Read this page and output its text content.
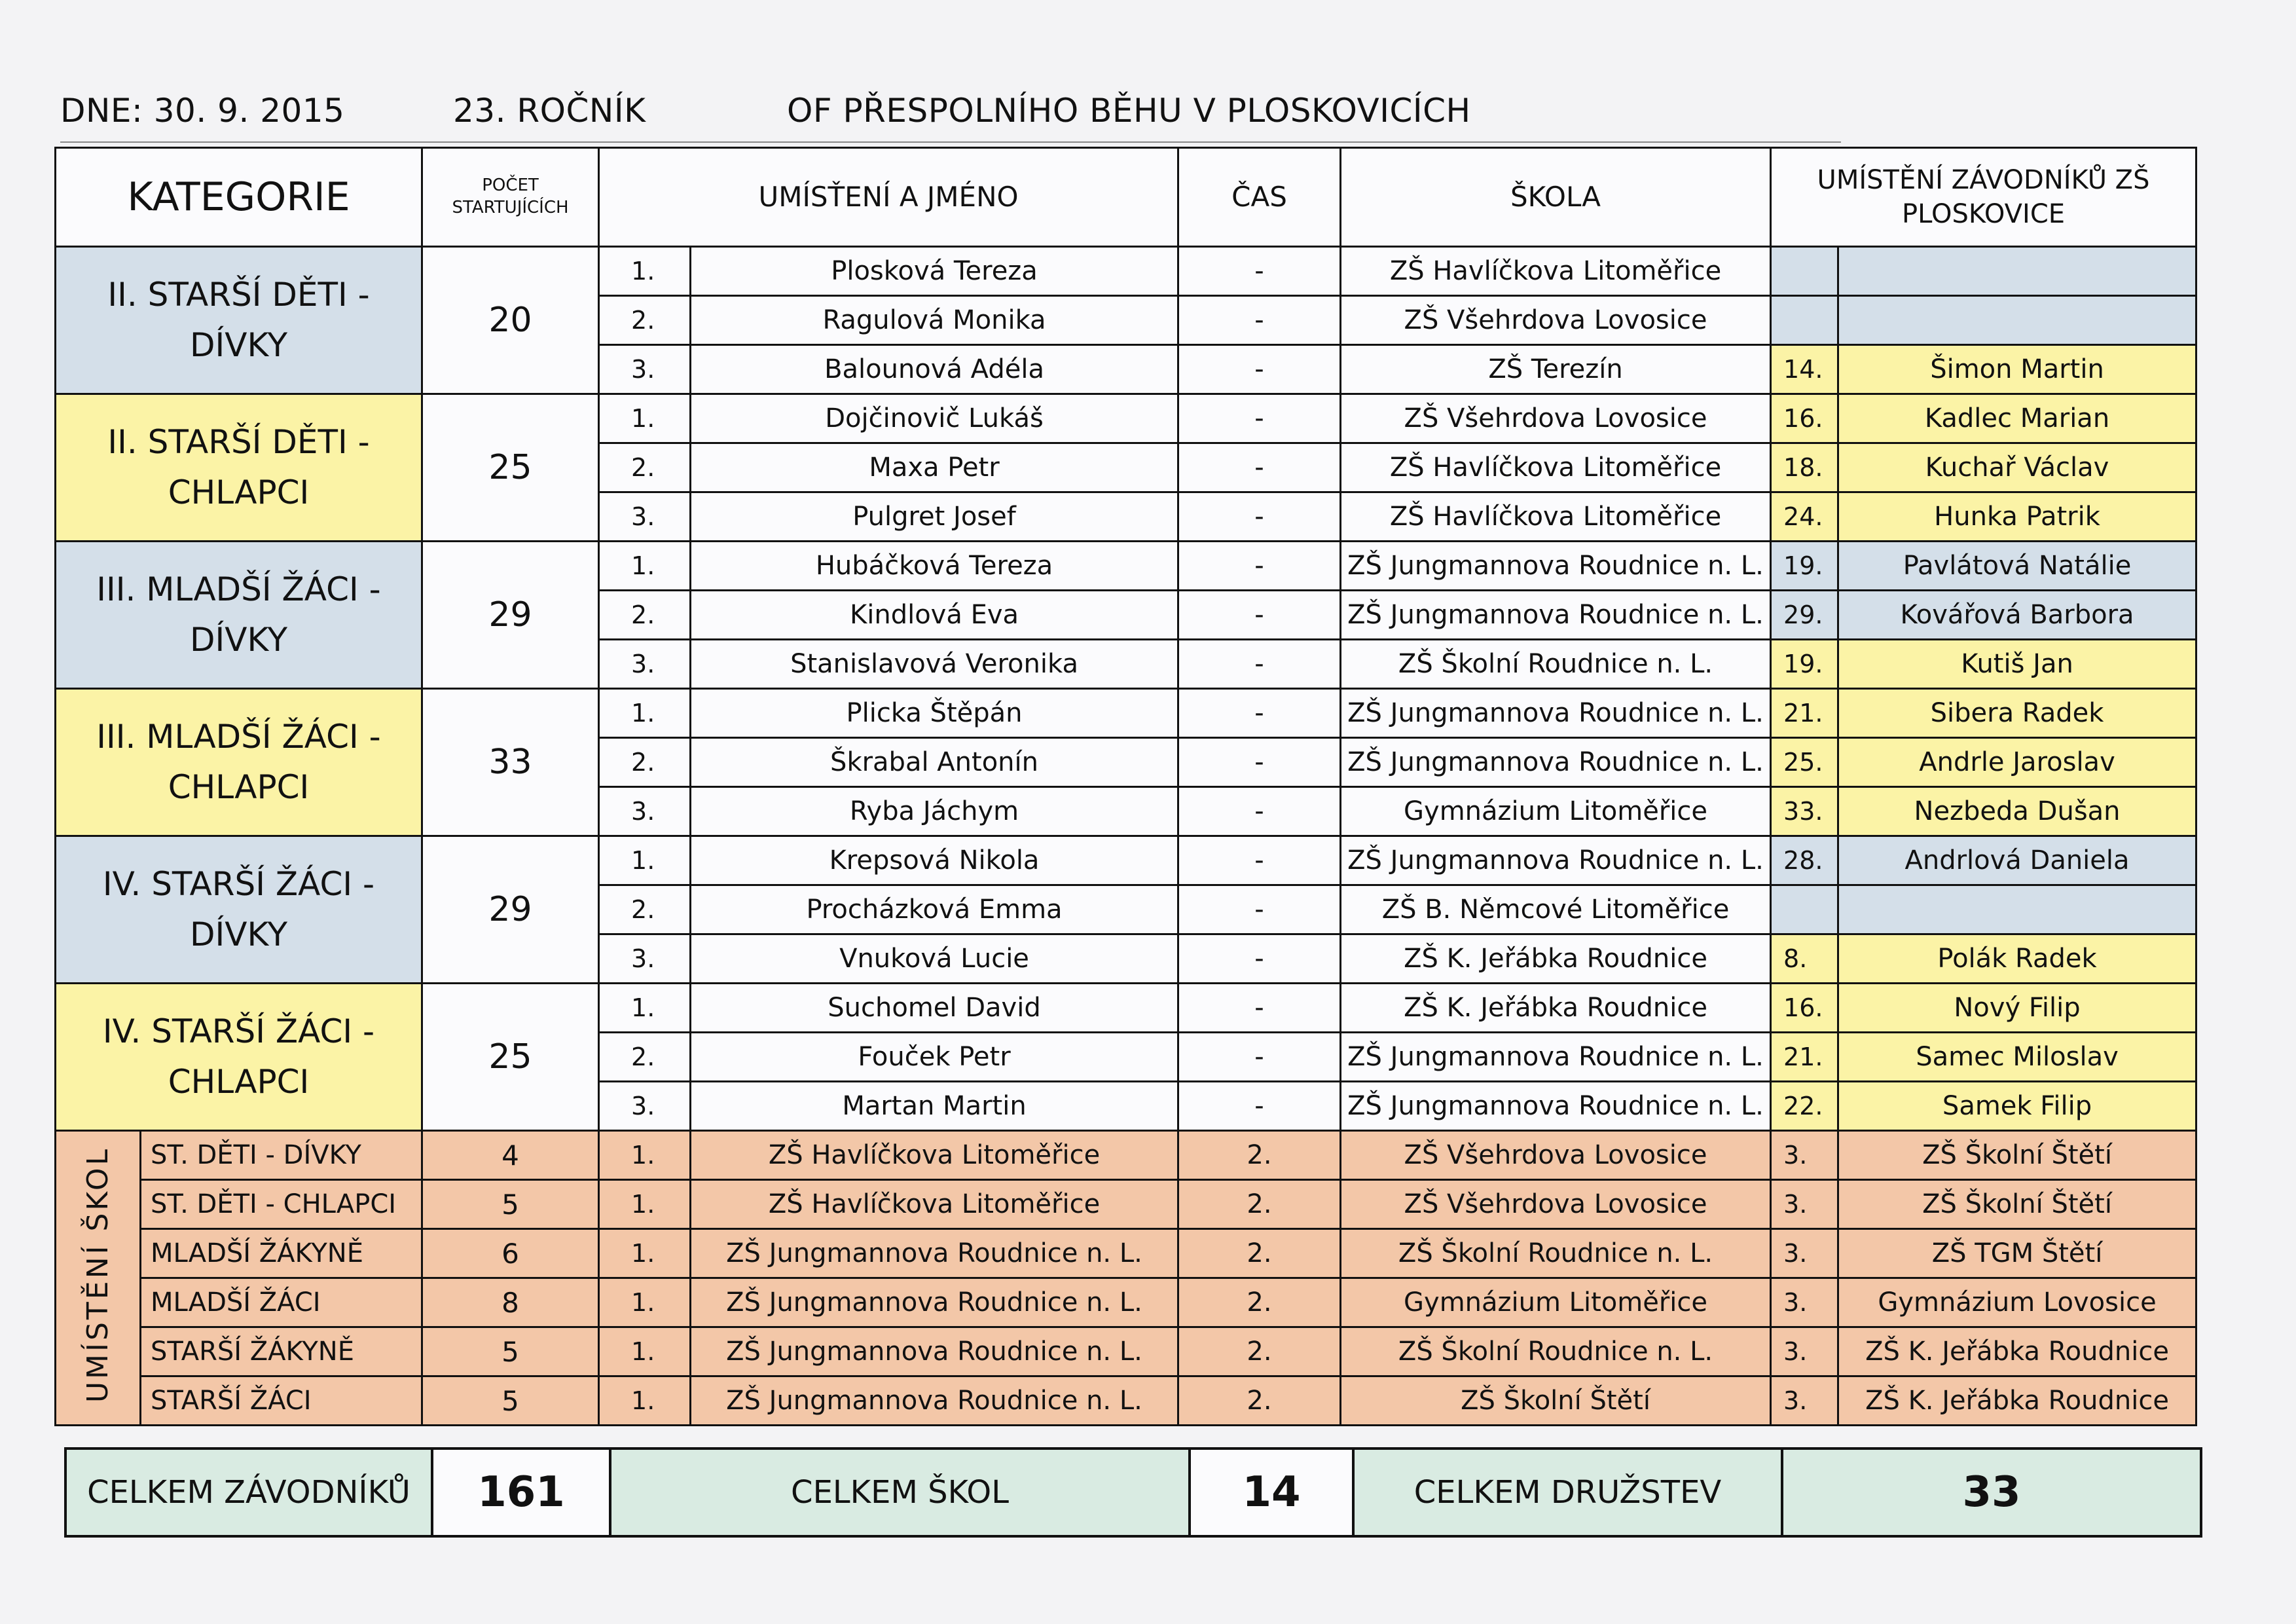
DNE: 30. 9. 2015	23. ROČNÍK	OF PŘESPOLNÍHO BĚHU V PLOSKOVICÍCH
KATEGORIE		POČET STARTUJÍCÍCH	UMÍSŤENÍ A JMÉNO		ČAS	ŠKOLA	UMÍSTĚNÍ ZÁVODNÍKŮ ZŠ PLOSKOVICE	
II. STARŠÍ DĚTI - DÍVKY		20	1.	Plosková Tereza	-	ZŠ Havlíčkova Litoměřice		
			2.	Ragulová Monika	-	ZŠ Všehrdova Lovosice		
			3.	Balounová Adéla	-	ZŠ Terezín	14.	Šimon Martin
II. STARŠÍ DĚTI - CHLAPCI		25	1.	Dojčinovič Lukáš	-	ZŠ Všehrdova Lovosice	16.	Kadlec Marian
			2.	Maxa Petr	-	ZŠ Havlíčkova Litoměřice	18.	Kuchař Václav
			3.	Pulgret Josef	-	ZŠ Havlíčkova Litoměřice	24.	Hunka Patrik
III. MLADŠÍ ŽÁCI - DÍVKY		29	1.	Hubáčková Tereza	-	ZŠ Jungmannova Roudnice n. L.	19.	Pavlátová Natálie
			2.	Kindlová Eva	-	ZŠ Jungmannova Roudnice n. L.	29.	Kovářová Barbora
			3.	Stanislavová Veronika	-	ZŠ Školní Roudnice n. L.	19.	Kutiš Jan
III. MLADŠÍ ŽÁCI - CHLAPCI		33	1.	Plicka Štěpán	-	ZŠ Jungmannova Roudnice n. L.	21.	Sibera Radek
			2.	Škrabal Antonín	-	ZŠ Jungmannova Roudnice n. L.	25.	Andrle Jaroslav
			3.	Ryba Jáchym	-	Gymnázium Litoměřice	33.	Nezbeda Dušan
IV. STARŠÍ ŽÁCI - DÍVKY		29	1.	Krepsová Nikola	-	ZŠ Jungmannova Roudnice n. L.	28.	Andrlová Daniela
			2.	Procházková Emma	-	ZŠ B. Němcové Litoměřice		
			3.	Vnuková Lucie	-	ZŠ K. Jeřábka Roudnice	8.	Polák Radek
IV. STARŠÍ ŽÁCI - CHLAPCI		25	1.	Suchomel David	-	ZŠ K. Jeřábka Roudnice	16.	Nový Filip
			2.	Fouček Petr	-	ZŠ Jungmannova Roudnice n. L.	21.	Samec Miloslav
			3.	Martan Martin	-	ZŠ Jungmannova Roudnice n. L.	22.	Samek Filip
UMÍSTĚNÍ ŠKOL	ST. DĚTI - DÍVKY	4	1.	ZŠ Havlíčkova Litoměřice	2.	ZŠ Všehrdova Lovosice	3.	ZŠ Školní Štětí
	ST. DĚTI - CHLAPCI	5	1.	ZŠ Havlíčkova Litoměřice	2.	ZŠ Všehrdova Lovosice	3.	ZŠ Školní Štětí
	MLADŠÍ ŽÁKYNĚ	6	1.	ZŠ Jungmannova Roudnice n. L.	2.	ZŠ Školní Roudnice n. L.	3.	ZŠ TGM Štětí
	MLADŠÍ ŽÁCI	8	1.	ZŠ Jungmannova Roudnice n. L.	2.	Gymnázium Litoměřice	3.	Gymnázium Lovosice
	STARŠÍ ŽÁKYNĚ	5	1.	ZŠ Jungmannova Roudnice n. L.	2.	ZŠ Školní Roudnice n. L.	3.	ZŠ K. Jeřábka Roudnice
	STARŠÍ ŽÁCI	5	1.	ZŠ Jungmannova Roudnice n. L.	2.	ZŠ Školní Štětí	3.	ZŠ K. Jeřábka Roudnice
CELKEM ZÁVODNÍKŮ	161	CELKEM ŠKOL	14	CELKEM DRUŽSTEV	33
